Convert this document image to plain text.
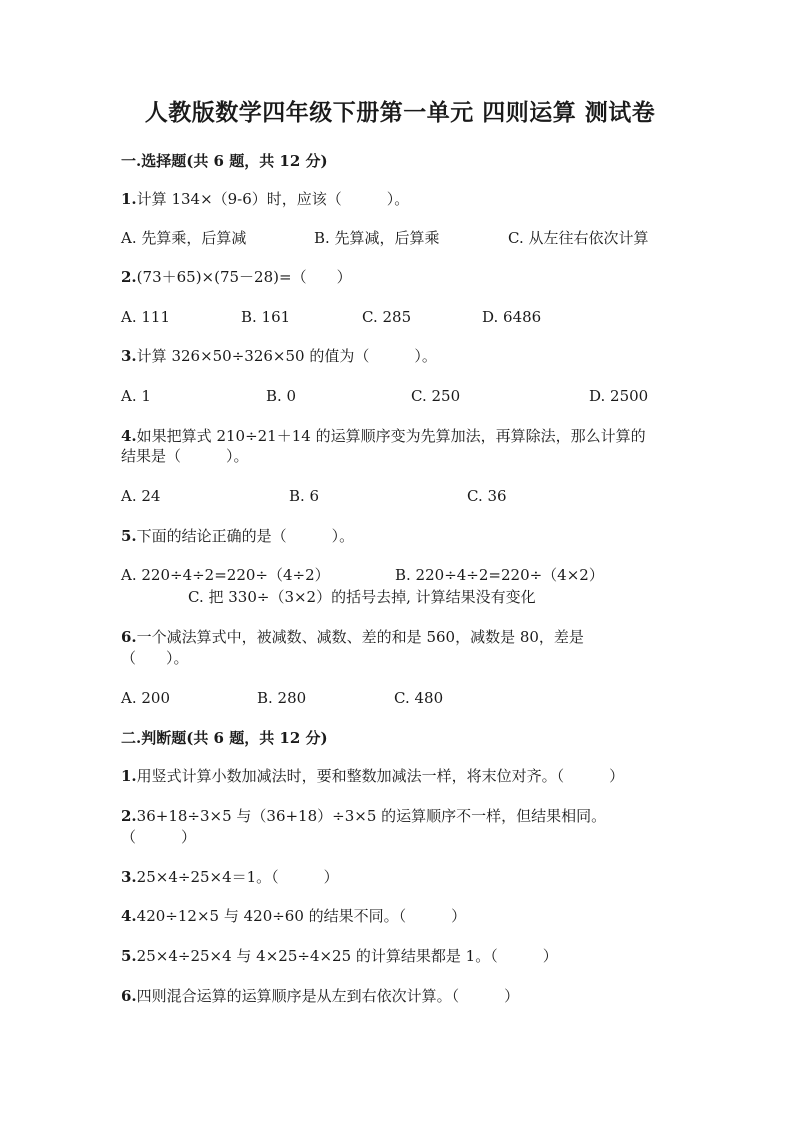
人教版数学四年级下册第一单元 四则运算 测试卷
一.选择题(共 6 题，共 12 分)
1.计算 134×（9-6）时，应该（　　　）。
A. 先算乘，后算减	B. 先算减，后算乘	C. 从左往右依次计算
2.(73＋65)×(75－28)=（　　）
A. 111	B. 161	C. 285	D. 6486
3.计算 326×50÷326×50 的值为（　　　）。
A. 1	B. 0	C. 250	D. 2500
4.如果把算式 210÷21＋14 的运算顺序变为先算加法，再算除法，那么计算的
结果是（　　　）。
A. 24	B. 6	C. 36
5.下面的结论正确的是（　　　）。
A. 220÷4÷2=220÷（4÷2）	B. 220÷4÷2=220÷（4×2）
C. 把 330÷（3×2）的括号去掉, 计算结果没有变化
6.一个减法算式中，被减数、减数、差的和是 560，减数是 80，差是
（　　）。
A. 200	B. 280	C. 480
二.判断题(共 6 题，共 12 分)
1.用竖式计算小数加减法时，要和整数加减法一样，将末位对齐。（　　　）
2.36+18÷3×5 与（36+18）÷3×5 的运算顺序不一样，但结果相同。
（　　　）
3.25×4÷25×4＝1。（　　　）
4.420÷12×5 与 420÷60 的结果不同。（　　　）
5.25×4÷25×4 与 4×25÷4×25 的计算结果都是 1。（　　　）
6.四则混合运算的运算顺序是从左到右依次计算。（　　　）
